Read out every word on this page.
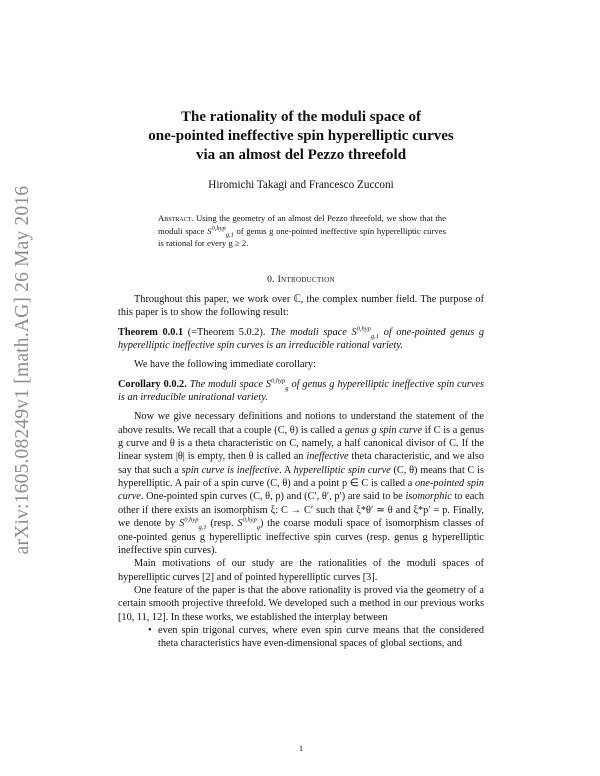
arXiv:1605.08249v1 [math.AG] 26 May 2016
The rationality of the moduli space of
one-pointed ineffective spin hyperelliptic curves
via an almost del Pezzo threefold
Hiromichi Takagi and Francesco Zucconi
Abstract. Using the geometry of an almost del Pezzo threefold, we show that the moduli space $S^{0,hyp}_{g,1}$ of genus g one-pointed ineffective spin hyperelliptic curves is rational for every g ≥ 2.
0. Introduction

Throughout this paper, we work over ℂ, the complex number field. The purpose of this paper is to show the following result:

Theorem 0.0.1 (=Theorem 5.0.2). The moduli space $S^{0,hyp}_{g,1}$ of one-pointed genus g hyperelliptic ineffective spin curves is an irreducible rational variety.

We have the following immediate corollary:

Corollary 0.0.2. The moduli space $S^{0,hyp}_g$ of genus g hyperelliptic ineffective spin curves is an irreducible unirational variety.

Now we give necessary definitions and notions to understand the statement of the above results. We recall that a couple (C, θ) is called a genus g spin curve if C is a genus g curve and θ is a theta characteristic on C, namely, a half canonical divisor of C. If the linear system |θ| is empty, then θ is called an ineffective theta characteristic, and we also say that such a spin curve is ineffective. A hyperelliptic spin curve (C, θ) means that C is hyperelliptic. A pair of a spin curve (C, θ) and a point p ∈ C is called a one-pointed spin curve. One-pointed spin curves (C, θ, p) and (C′, θ′, p′) are said to be isomorphic to each other if there exists an isomorphism ξ: C → C′ such that ξ*θ′ ≃ θ and ξ*p′ = p. Finally, we denote by $S^{0,hyp}_{g,1}$ (resp. $S^{0,hyp}_g$) the coarse moduli space of isomorphism classes of one-pointed genus g hyperelliptic ineffective spin curves (resp. genus g hyperelliptic ineffective spin curves).

Main motivations of our study are the rationalities of the moduli spaces of hyperelliptic curves [2] and of pointed hyperelliptic curves [3].

One feature of the paper is that the above rationality is proved via the geometry of a certain smooth projective threefold. We developed such a method in our previous works [10, 11, 12]. In these works, we established the interplay between

• even spin trigonal curves, where even spin curve means that the considered theta characteristics have even-dimensional spaces of global sections, and
1
